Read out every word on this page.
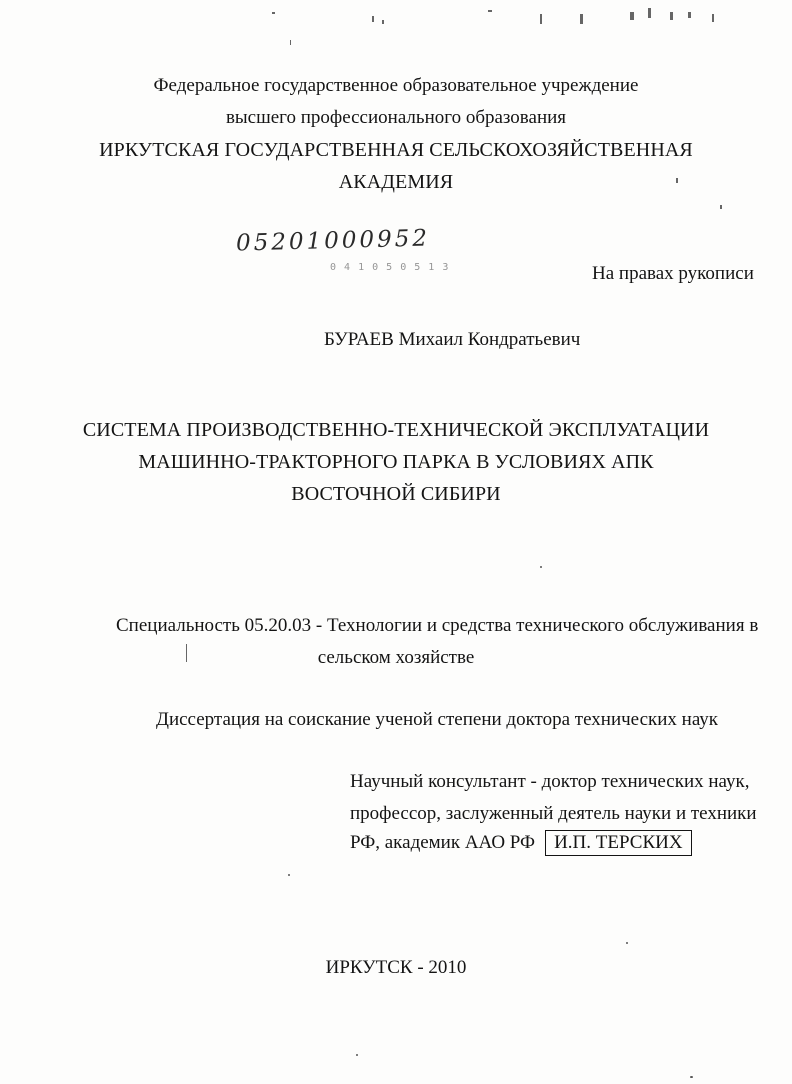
Федеральное государственное образовательное учреждение
высшего профессионального образования
ИРКУТСКАЯ ГОСУДАРСТВЕННАЯ СЕЛЬСКОХОЗЯЙСТВЕННАЯ
АКАДЕМИЯ
05201000952
0 4 1 0 5 0 5 1 3	На правах рукописи
БУРАЕВ Михаил Кондратьевич
СИСТЕМА ПРОИЗВОДСТВЕННО-ТЕХНИЧЕСКОЙ ЭКСПЛУАТАЦИИ
МАШИННО-ТРАКТОРНОГО ПАРКА В УСЛОВИЯХ АПК
ВОСТОЧНОЙ СИБИРИ
Специальность 05.20.03 - Технологии и средства технического обслуживания в
сельском хозяйстве
Диссертация на соискание ученой степени доктора технических наук
Научный консультант - доктор технических наук,
профессор, заслуженный деятель науки и техники
РФ, академик ААО РФ И.П. ТЕРСКИХ
ИРКУТСК - 2010
